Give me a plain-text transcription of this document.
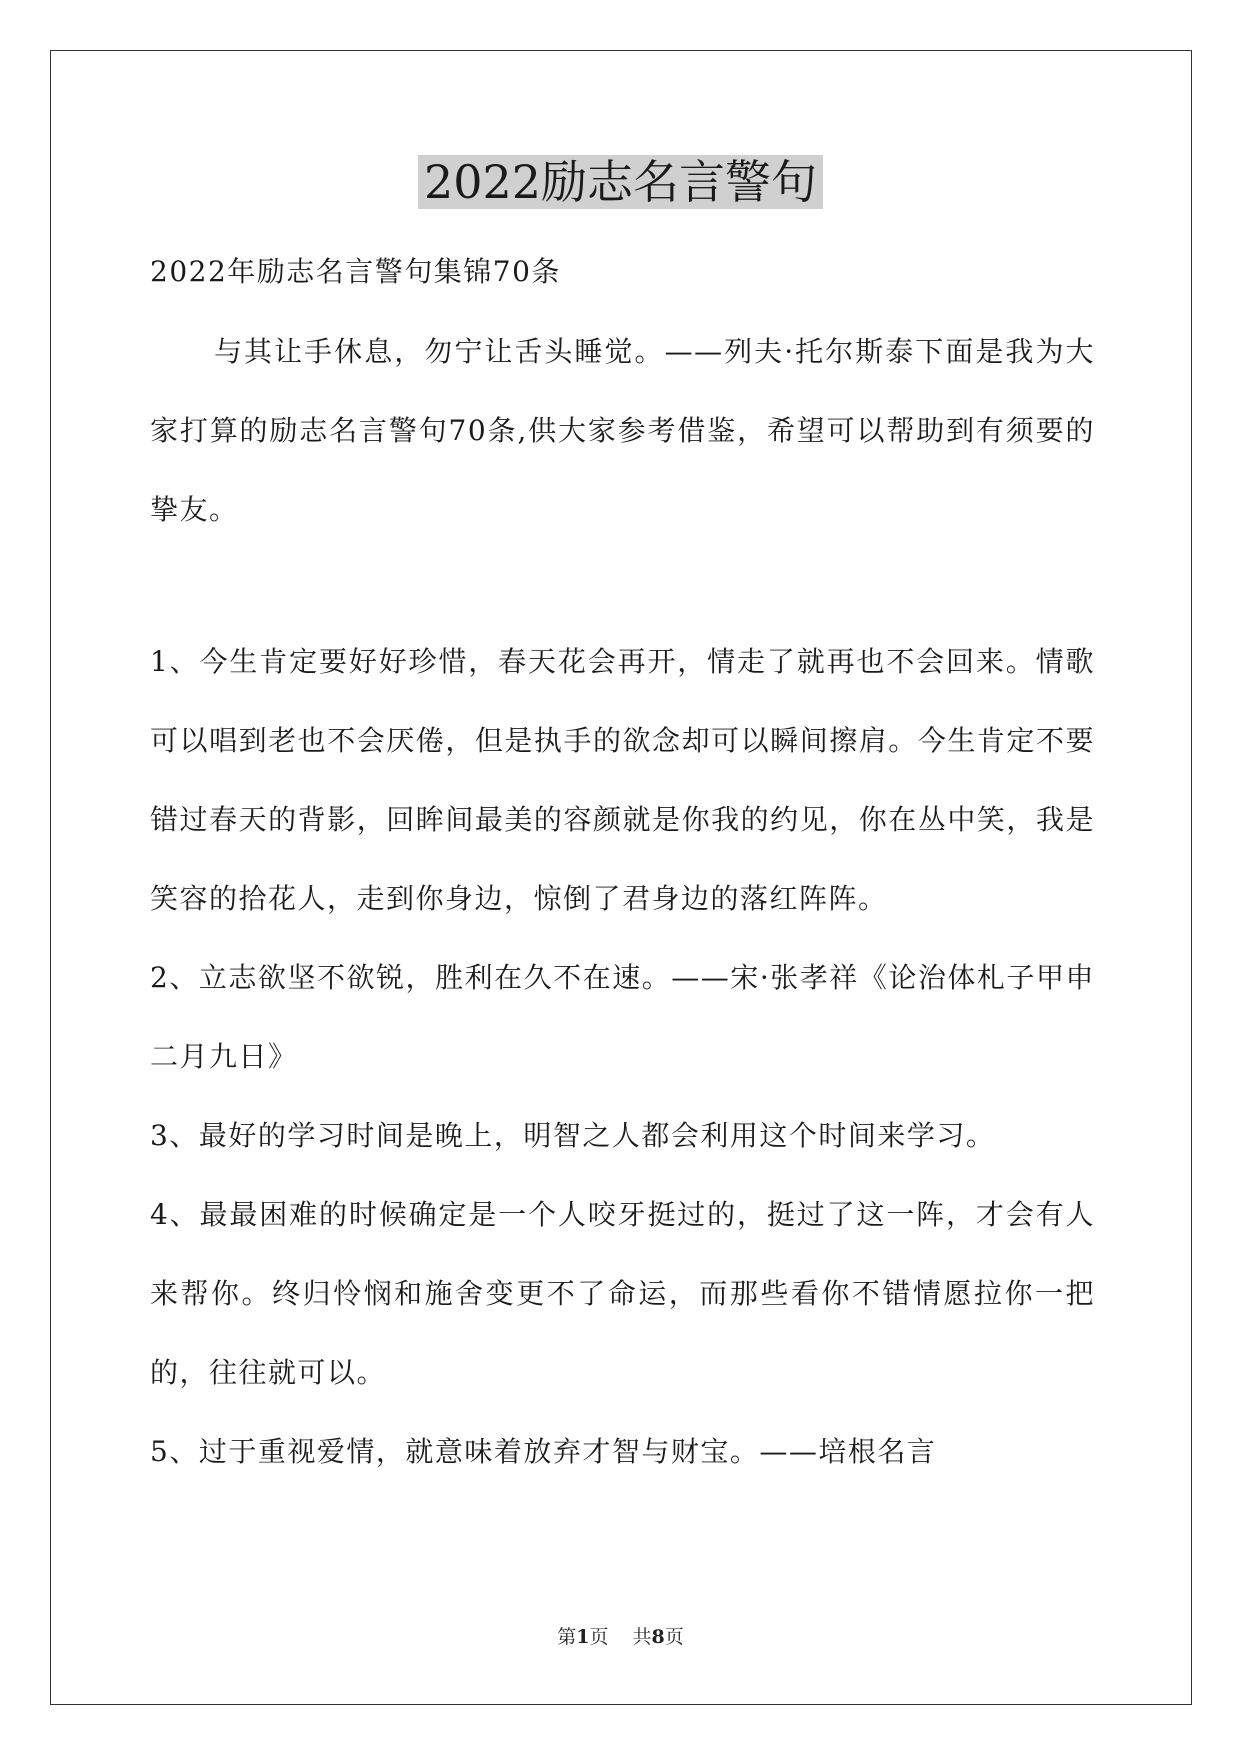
2022励志名言警句

2022年励志名言警句集锦70条

与其让手休息，勿宁让舌头睡觉。——列夫·托尔斯泰下面是我为大家打算的励志名言警句70条,供大家参考借鉴，希望可以帮助到有须要的挚友。

1、今生肯定要好好珍惜，春天花会再开，情走了就再也不会回来。情歌可以唱到老也不会厌倦，但是执手的欲念却可以瞬间擦肩。今生肯定不要错过春天的背影，回眸间最美的容颜就是你我的约见，你在丛中笑，我是笑容的拾花人，走到你身边，惊倒了君身边的落红阵阵。

2、立志欲坚不欲锐，胜利在久不在速。——宋·张孝祥《论治体札子甲申二月九日》

3、最好的学习时间是晚上，明智之人都会利用这个时间来学习。

4、最最困难的时候确定是一个人咬牙挺过的，挺过了这一阵，才会有人来帮你。终归怜悯和施舍变更不了命运，而那些看你不错情愿拉你一把的，往往就可以。

5、过于重视爱情，就意味着放弃才智与财宝。——培根名言

第1页 共8页
